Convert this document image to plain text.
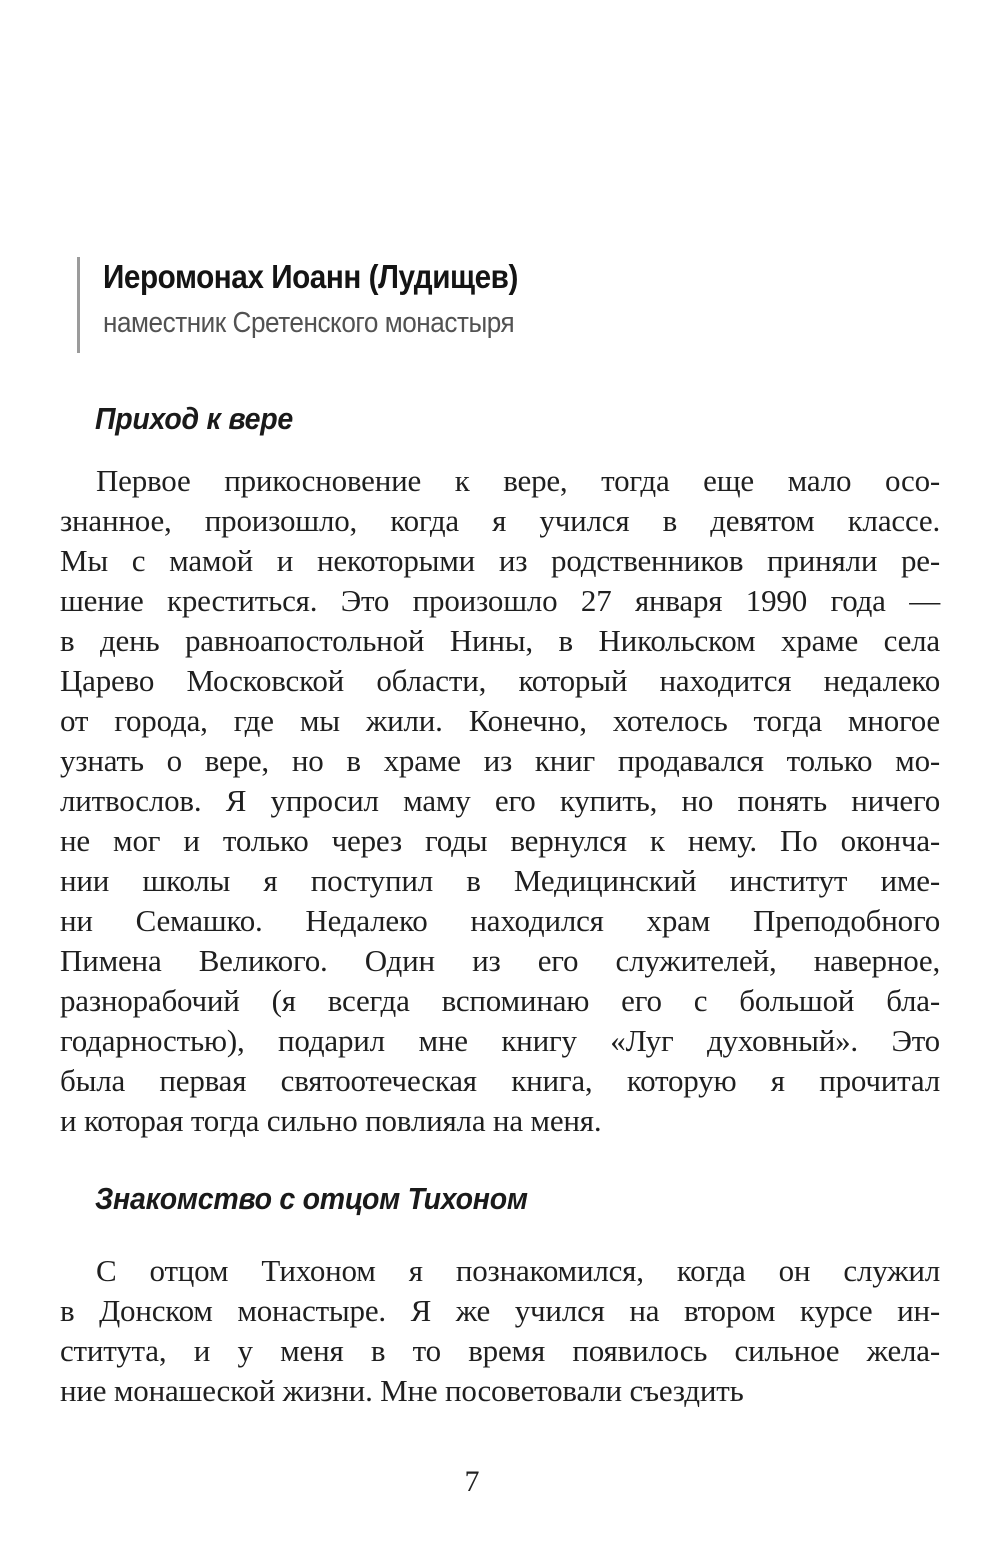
Иеромонах Иоанн (Лудищев)
наместник Сретенского монастыря
Приход к вере
Первое прикосновение к вере, тогда еще мало осо-
знанное, произошло, когда я учился в девятом классе.
Мы с мамой и некоторыми из родственников приняли ре-
шение креститься. Это произошло 27 января 1990 года —
в день равноапостольной Нины, в Никольском храме села
Царево Московской области, который находится недалеко
от города, где мы жили. Конечно, хотелось тогда многое
узнать о вере, но в храме из книг продавался только мо-
литвослов. Я упросил маму его купить, но понять ничего
не мог и только через годы вернулся к нему. По оконча-
нии школы я поступил в Медицинский институт име-
ни Семашко. Недалеко находился храм Преподобного
Пимена Великого. Один из его служителей, наверное,
разнорабочий (я всегда вспоминаю его с большой бла-
годарностью), подарил мне книгу «Луг духовный». Это
была первая святоотеческая книга, которую я прочитал
и которая тогда сильно повлияла на меня.
Знакомство с отцом Тихоном
С отцом Тихоном я познакомился, когда он служил
в Донском монастыре. Я же учился на втором курсе ин-
ститута, и у меня в то время появилось сильное жела-
ние монашеской жизни. Мне посоветовали съездить
7
